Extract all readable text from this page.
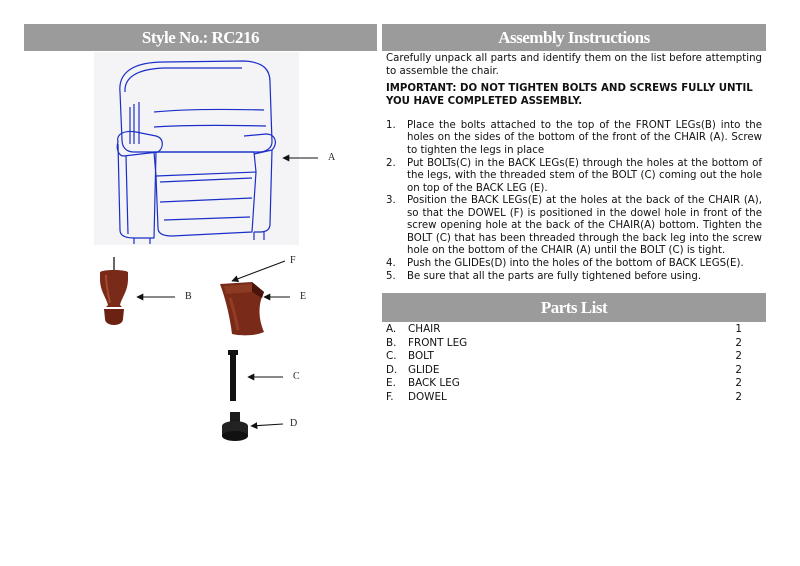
Style No.: RC216	Assembly Instructions
A
B	E
F
C
D

Carefully unpack all parts and identify them on the list before attempting to assemble the chair.

IMPORTANT: DO NOT TIGHTEN BOLTS AND SCREWS FULLY UNTIL YOU HAVE COMPLETED ASSEMBLY.

1. Place the bolts attached to the top of the FRONT LEGs(B) into the holes on the sides of the bottom of the front of the CHAIR (A). Screw to tighten the legs in place
2. Put BOLTs(C) in the BACK LEGs(E) through the holes at the bottom of the legs, with the threaded stem of the BOLT (C) coming out the hole on top of the BACK LEG (E).
3. Position the BACK LEGs(E) at the holes at the back of the CHAIR (A), so that the DOWEL (F) is positioned in the dowel hole in front of the screw opening hole at the back of the CHAIR(A) bottom. Tighten the BOLT (C) that has been threaded through the back leg into the screw hole on the bottom of the CHAIR (A) until the BOLT (C) is tight.
4. Push the GLIDEs(D) into the holes of the bottom of BACK LEGS(E).
5. Be sure that all the parts are fully tightened before using.
Parts List
A. CHAIR	1
B. FRONT LEG	2
C. BOLT	2
D. GLIDE	2
E. BACK LEG	2
F. DOWEL	2
